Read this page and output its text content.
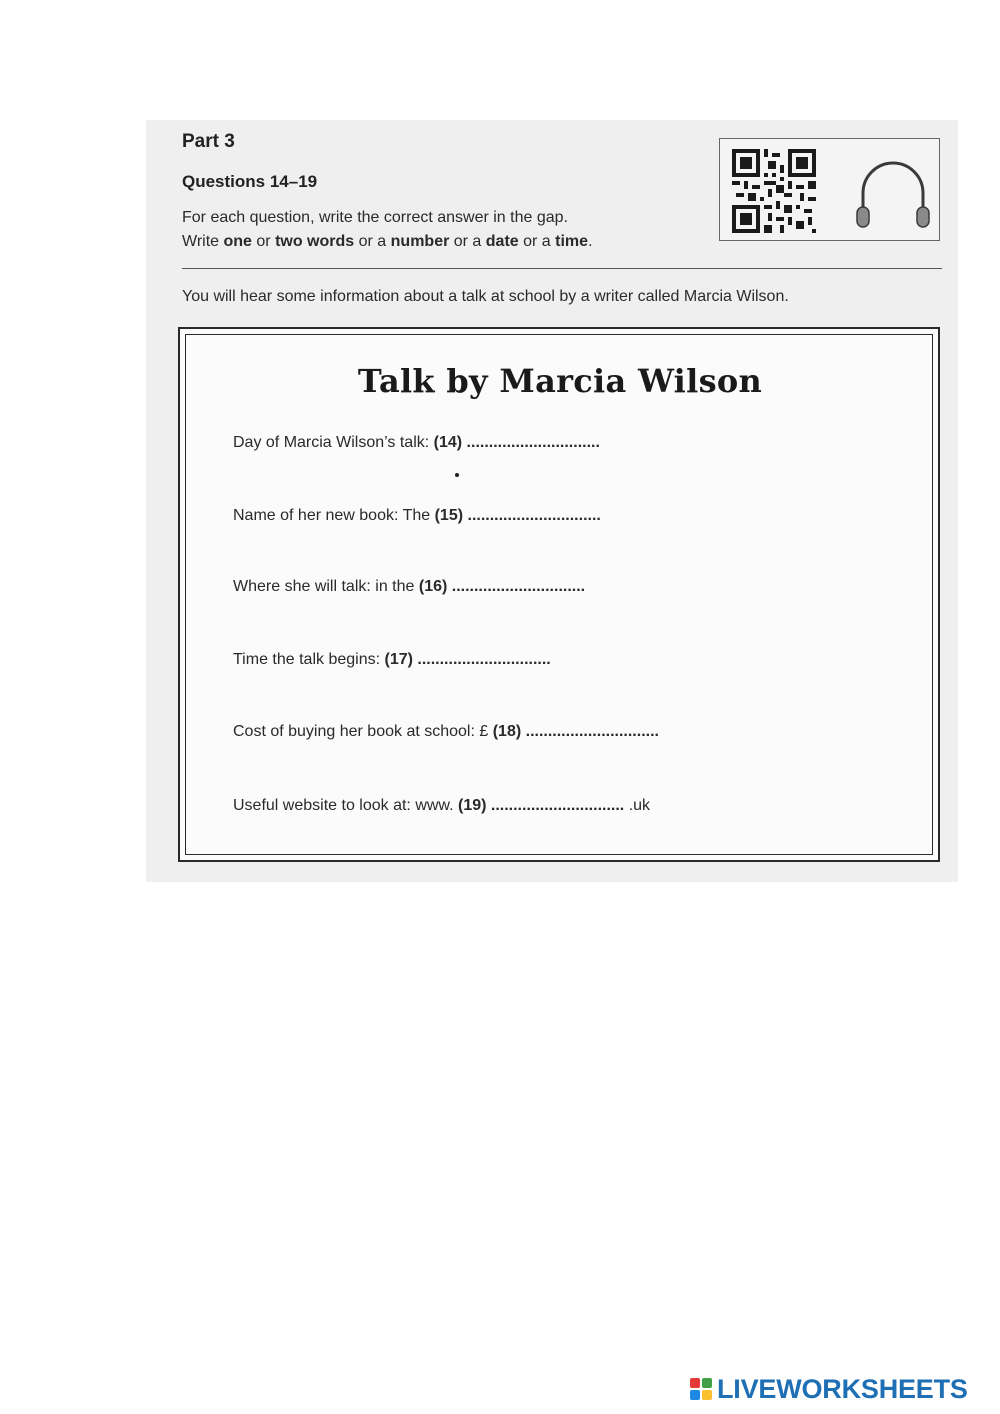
Part 3
Questions 14–19
For each question, write the correct answer in the gap.
Write one or two words or a number or a date or a time.
You will hear some information about a talk at school by a writer called Marcia Wilson.
Talk by Marcia Wilson
Day of Marcia Wilson’s talk: (14) ..............................
Name of her new book: The (15) ..............................
Where she will talk: in the (16) ..............................
Time the talk begins: (17) ..............................
Cost of buying her book at school: £ (18) ..............................
Useful website to look at: www. (19) .............................. .uk
LIVEWORKSHEETS
